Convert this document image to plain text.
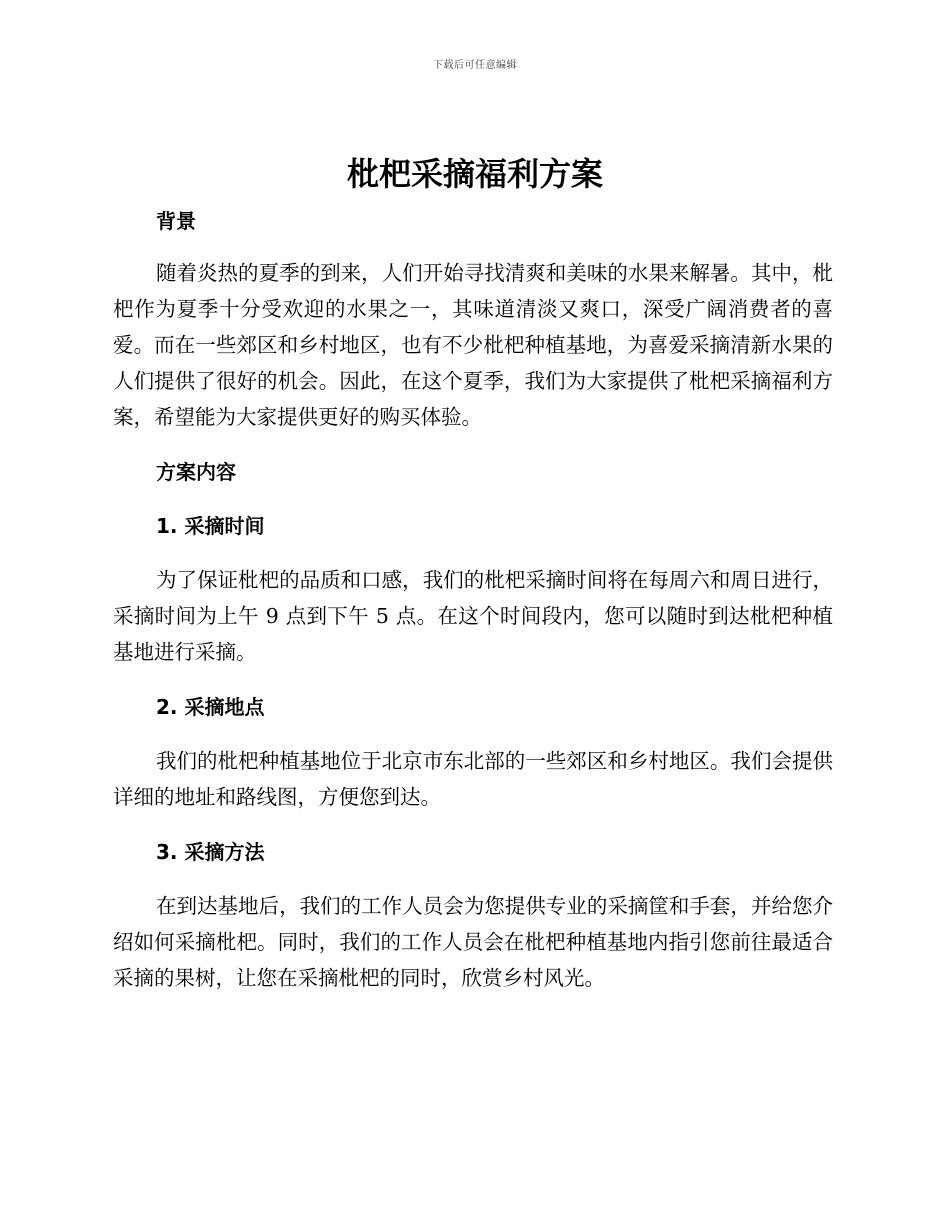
下载后可任意编辑
枇杷采摘福利方案

背景

随着炎热的夏季的到来，人们开始寻找清爽和美味的水果来解暑。其中，枇杷作为夏季十分受欢迎的水果之一，其味道清淡又爽口，深受广阔消费者的喜爱。而在一些郊区和乡村地区，也有不少枇杷种植基地，为喜爱采摘清新水果的人们提供了很好的机会。因此，在这个夏季，我们为大家提供了枇杷采摘福利方案，希望能为大家提供更好的购买体验。

方案内容

1. 采摘时间

为了保证枇杷的品质和口感，我们的枇杷采摘时间将在每周六和周日进行，采摘时间为上午 9 点到下午 5 点。在这个时间段内，您可以随时到达枇杷种植基地进行采摘。

2. 采摘地点

我们的枇杷种植基地位于北京市东北部的一些郊区和乡村地区。我们会提供详细的地址和路线图，方便您到达。

3. 采摘方法

在到达基地后，我们的工作人员会为您提供专业的采摘筐和手套，并给您介绍如何采摘枇杷。同时，我们的工作人员会在枇杷种植基地内指引您前往最适合采摘的果树，让您在采摘枇杷的同时，欣赏乡村风光。
